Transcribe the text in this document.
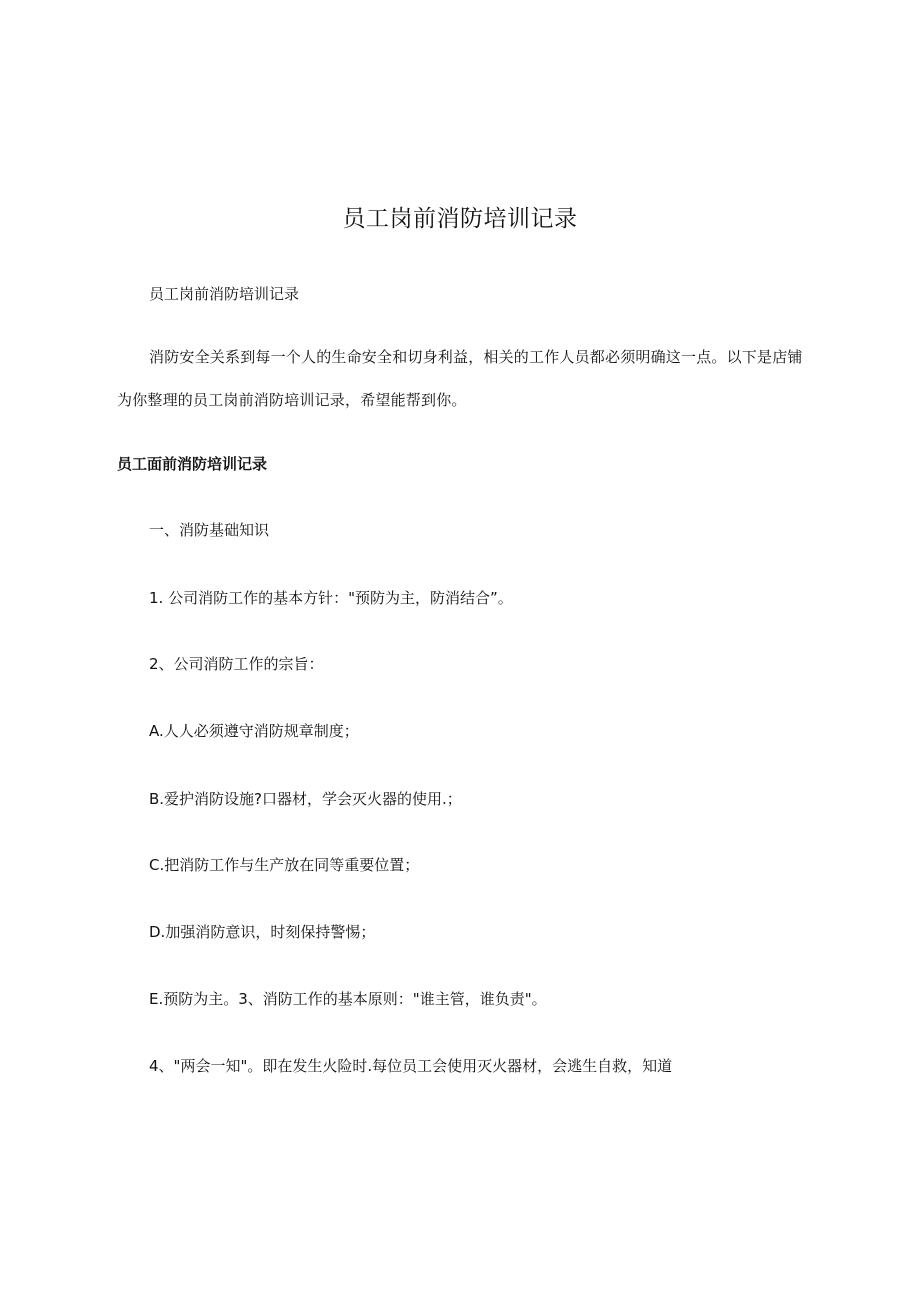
员工岗前消防培训记录

员工岗前消防培训记录

消防安全关系到每一个人的生命安全和切身利益，相关的工作人员都必须明确这一点。以下是店铺为你整理的员工岗前消防培训记录，希望能帮到你。

员工面前消防培训记录

一、消防基础知识

1. 公司消防工作的基本方针："预防为主，防消结合”。

2、公司消防工作的宗旨：

A.人人必须遵守消防规章制度；

B.爱护消防设施?口器材，学会灭火器的使用.；

C.把消防工作与生产放在同等重要位置；

D.加强消防意识，时刻保持警惕；

E.预防为主。3、消防工作的基本原则："谁主管，谁负责"。

4、"两会一知"。即在发生火险时.每位员工会使用灭火器材，会逃生自救，知道
